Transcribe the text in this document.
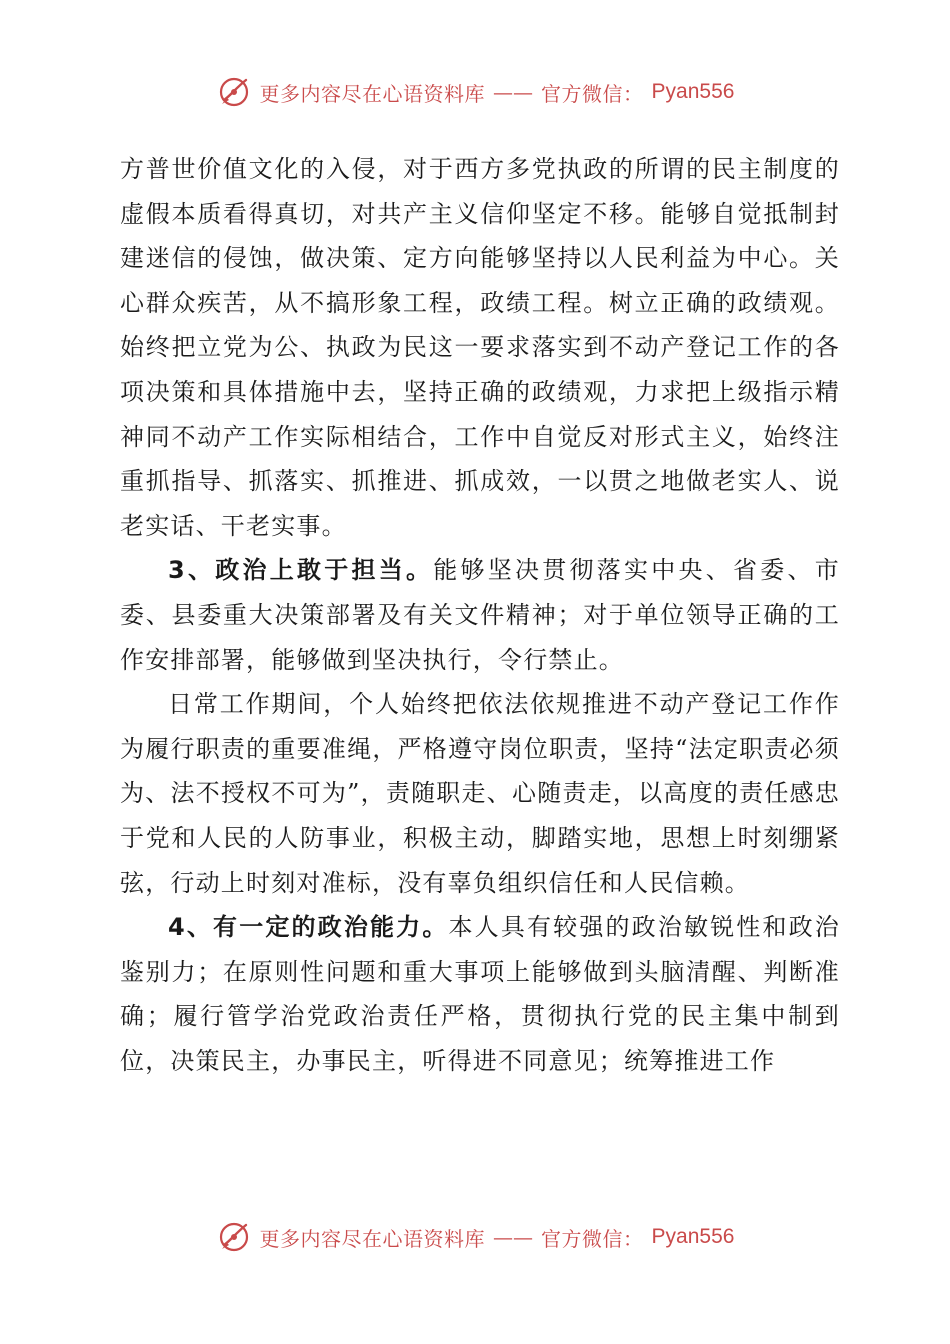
更多内容尽在心语资料库 —— 官方微信： Pyan556

方普世价值文化的入侵，对于西方多党执政的所谓的民主制度的虚假本质看得真切，对共产主义信仰坚定不移。能够自觉抵制封建迷信的侵蚀，做决策、定方向能够坚持以人民利益为中心。关心群众疾苦，从不搞形象工程，政绩工程。树立正确的政绩观。始终把立党为公、执政为民这一要求落实到不动产登记工作的各项决策和具体措施中去，坚持正确的政绩观，力求把上级指示精神同不动产工作实际相结合，工作中自觉反对形式主义，始终注重抓指导、抓落实、抓推进、抓成效，一以贯之地做老实人、说老实话、干老实事。

3、政治上敢于担当。能够坚决贯彻落实中央、省委、市委、县委重大决策部署及有关文件精神；对于单位领导正确的工作安排部署，能够做到坚决执行，令行禁止。

日常工作期间，个人始终把依法依规推进不动产登记工作作为履行职责的重要准绳，严格遵守岗位职责，坚持“法定职责必须为、法不授权不可为”，责随职走、心随责走，以高度的责任感忠于党和人民的人防事业，积极主动，脚踏实地，思想上时刻绷紧弦，行动上时刻对准标，没有辜负组织信任和人民信赖。

4、有一定的政治能力。本人具有较强的政治敏锐性和政治鉴别力；在原则性问题和重大事项上能够做到头脑清醒、判断准确；履行管学治党政治责任严格，贯彻执行党的民主集中制到位，决策民主，办事民主，听得进不同意见；统筹推进工作

更多内容尽在心语资料库 —— 官方微信： Pyan556
